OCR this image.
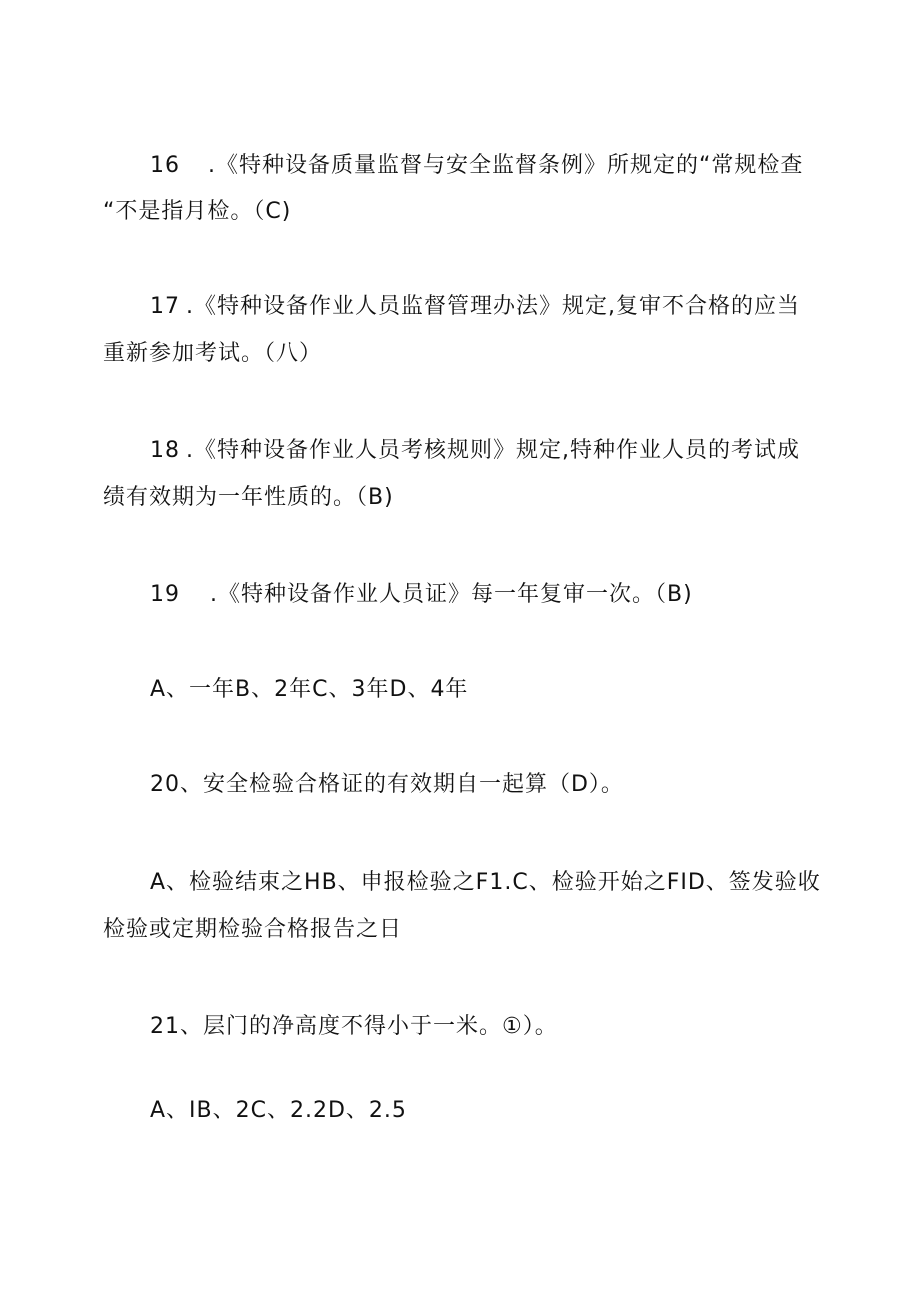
16 .《特种设备质量监督与安全监督条例》所规定的“常规检查
“不是指月检。（C)
17 .《特种设备作业人员监督管理办法》规定,复审不合格的应当
重新参加考试。（八）
18 .《特种设备作业人员考核规则》规定,特种作业人员的考试成
绩有效期为一年性质的。（B)
19 .《特种设备作业人员证》每一年复审一次。（B)
A、一年B、2年C、3年D、4年
20、安全检验合格证的有效期自一起算（D）。
A、检验结束之HB、申报检验之F1.C、检验开始之FID、签发验收
检验或定期检验合格报告之日
21、层门的净高度不得小于一米。①）。
A、IB、2C、2.2D、2.5
